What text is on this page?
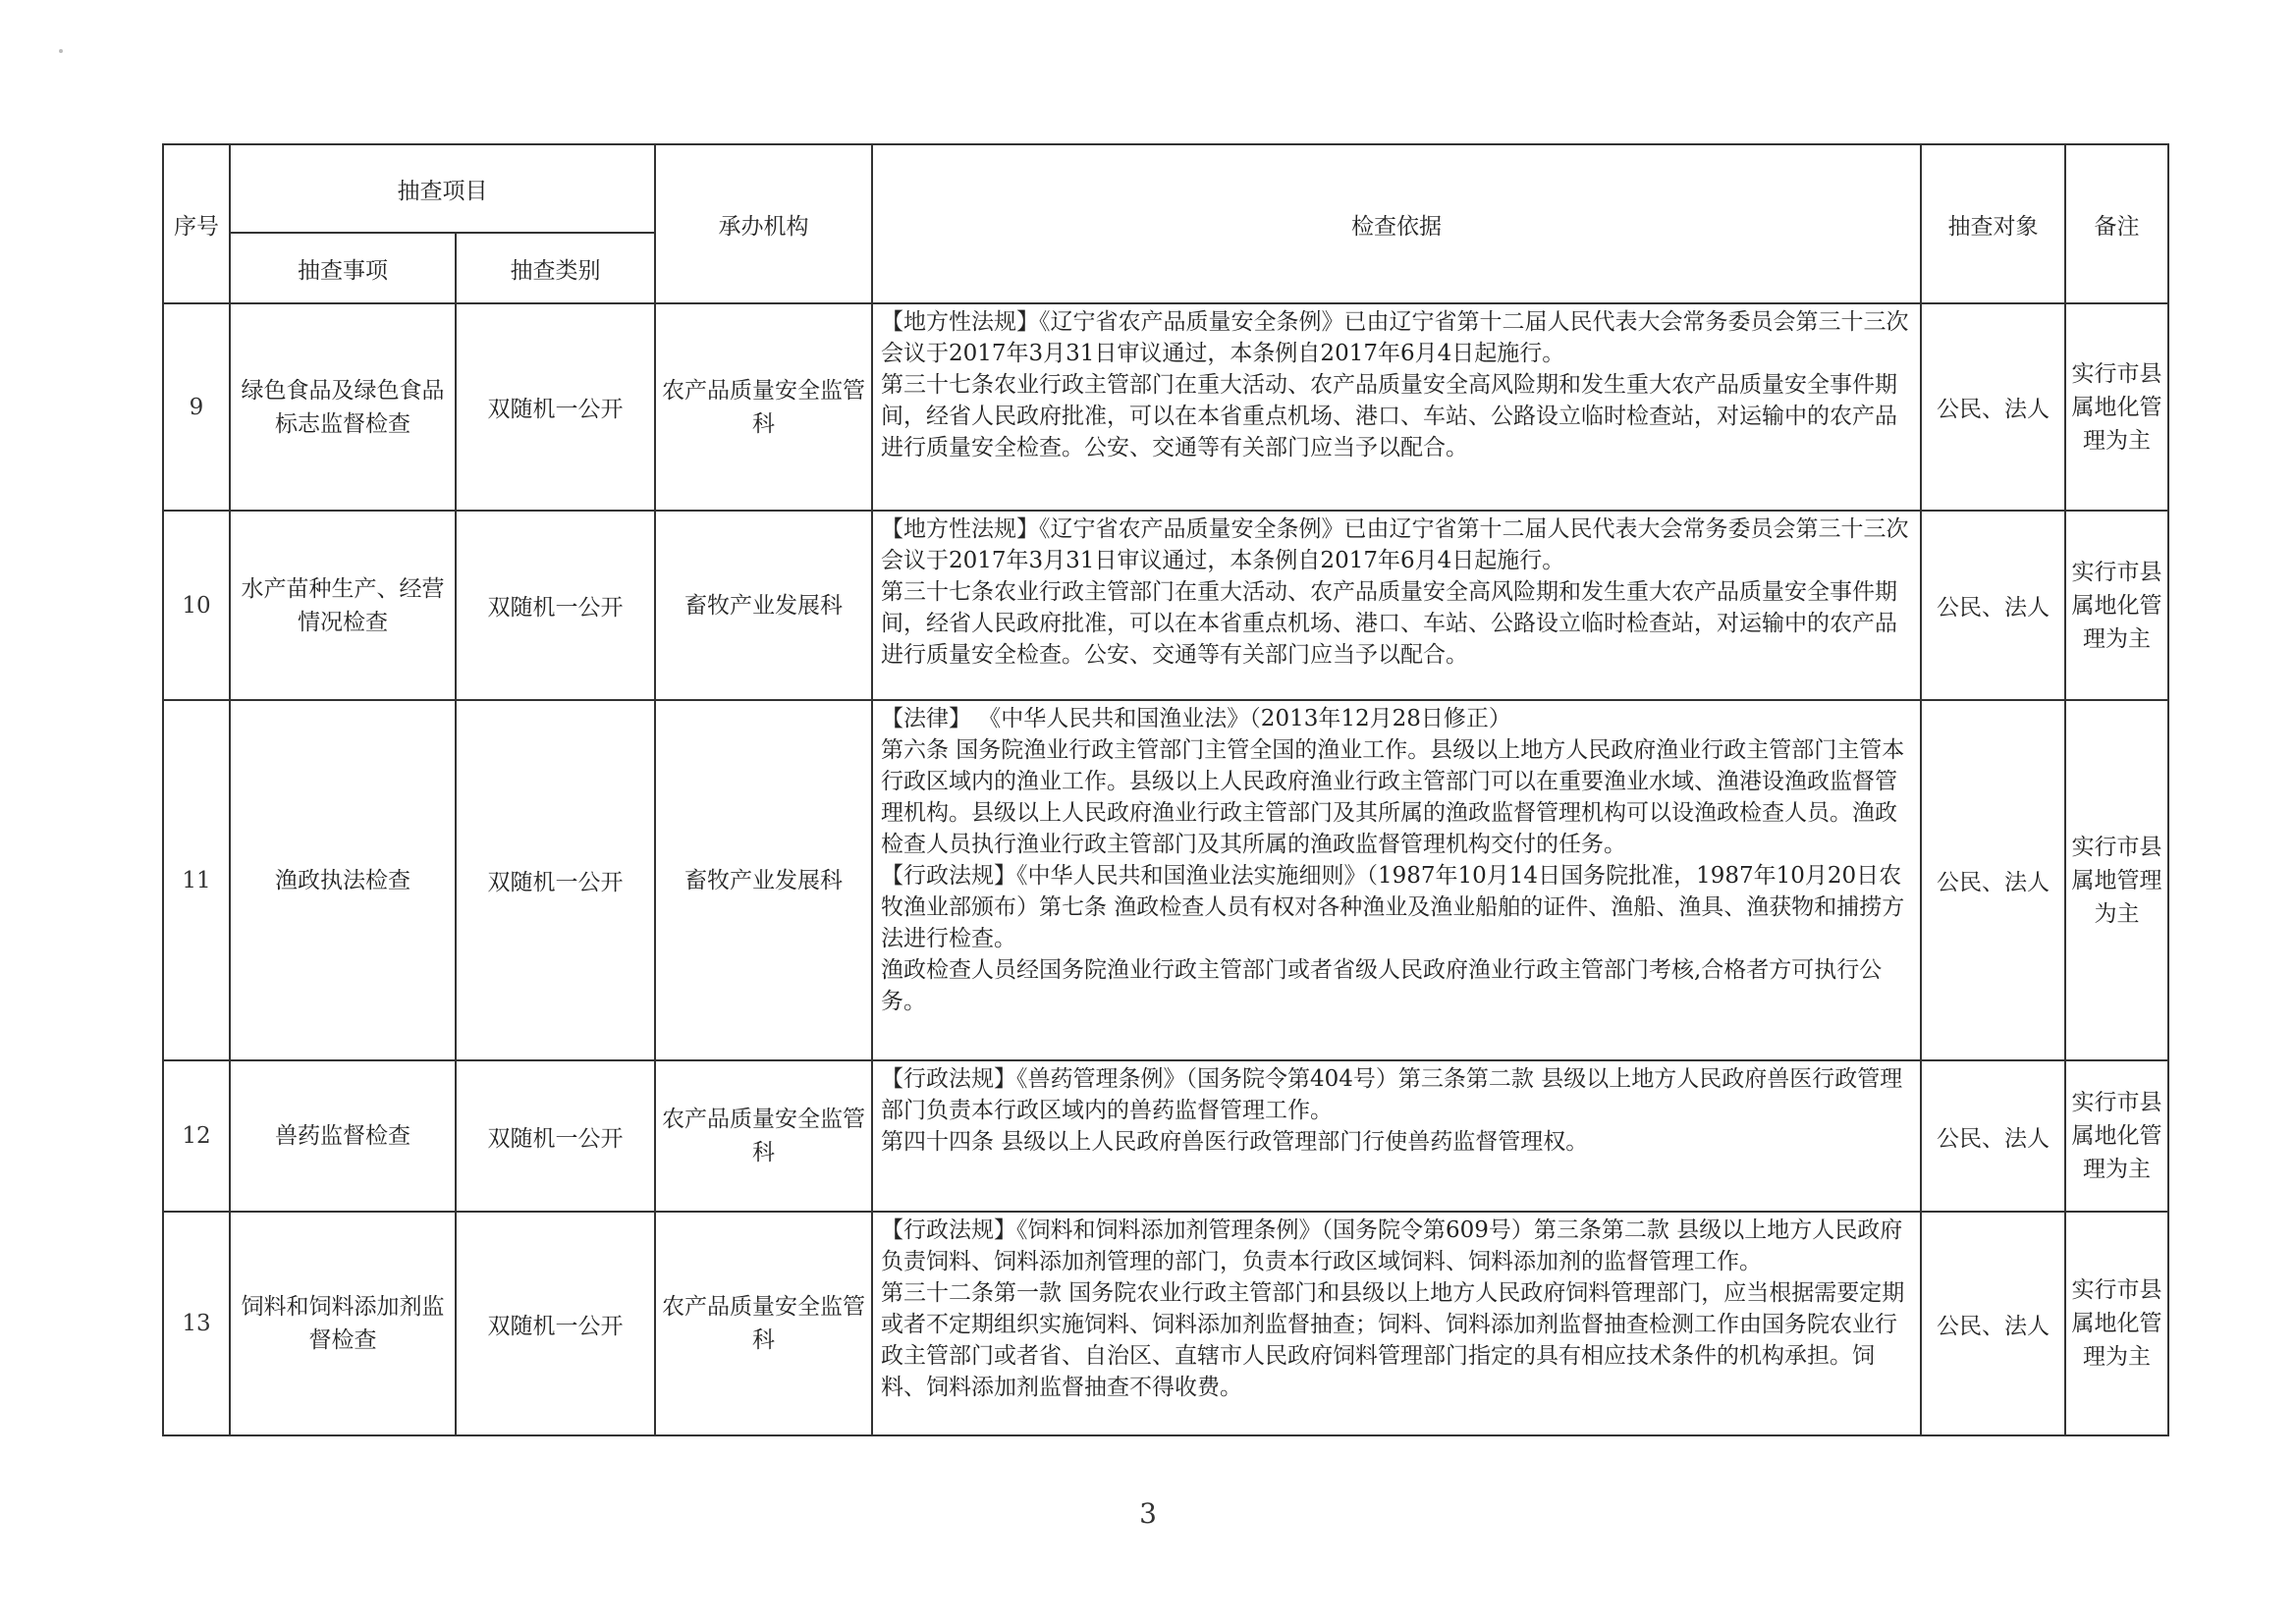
序号	抽查项目		承办机构	检查依据	抽查对象	备注
	抽查事项	抽查类别				
9	绿色食品及绿色食品标志监督检查	双随机一公开	农产品质量安全监管科	【地方性法规】《辽宁省农产品质量安全条例》已由辽宁省第十二届人民代表大会常务委员会第三十三次会议于2017年3月31日审议通过，本条例自2017年6月4日起施行。
第三十七条农业行政主管部门在重大活动、农产品质量安全高风险期和发生重大农产品质量安全事件期间，经省人民政府批准，可以在本省重点机场、港口、车站、公路设立临时检查站，对运输中的农产品进行质量安全检查。公安、交通等有关部门应当予以配合。	公民、法人	实行市县属地化管理为主
10	水产苗种生产、经营情况检查	双随机一公开	畜牧产业发展科	【地方性法规】《辽宁省农产品质量安全条例》已由辽宁省第十二届人民代表大会常务委员会第三十三次会议于2017年3月31日审议通过，本条例自2017年6月4日起施行。
第三十七条农业行政主管部门在重大活动、农产品质量安全高风险期和发生重大农产品质量安全事件期间，经省人民政府批准，可以在本省重点机场、港口、车站、公路设立临时检查站，对运输中的农产品进行质量安全检查。公安、交通等有关部门应当予以配合。	公民、法人	实行市县属地化管理为主
11	渔政执法检查	双随机一公开	畜牧产业发展科	【法律】 《中华人民共和国渔业法》（2013年12月28日修正）
第六条 国务院渔业行政主管部门主管全国的渔业工作。县级以上地方人民政府渔业行政主管部门主管本行政区域内的渔业工作。县级以上人民政府渔业行政主管部门可以在重要渔业水域、渔港设渔政监督管理机构。县级以上人民政府渔业行政主管部门及其所属的渔政监督管理机构可以设渔政检查人员。渔政检查人员执行渔业行政主管部门及其所属的渔政监督管理机构交付的任务。
【行政法规】《中华人民共和国渔业法实施细则》（1987年10月14日国务院批准，1987年10月20日农牧渔业部颁布）第七条 渔政检查人员有权对各种渔业及渔业船舶的证件、渔船、渔具、渔获物和捕捞方法进行检查。
渔政检查人员经国务院渔业行政主管部门或者省级人民政府渔业行政主管部门考核,合格者方可执行公务。	公民、法人	实行市县属地管理为主
12	兽药监督检查	双随机一公开	农产品质量安全监管科	【行政法规】《兽药管理条例》（国务院令第404号）第三条第二款 县级以上地方人民政府兽医行政管理部门负责本行政区域内的兽药监督管理工作。
第四十四条 县级以上人民政府兽医行政管理部门行使兽药监督管理权。	公民、法人	实行市县属地化管理为主
13	饲料和饲料添加剂监督检查	双随机一公开	农产品质量安全监管科	【行政法规】《饲料和饲料添加剂管理条例》（国务院令第609号）第三条第二款 县级以上地方人民政府负责饲料、饲料添加剂管理的部门，负责本行政区域饲料、饲料添加剂的监督管理工作。
第三十二条第一款 国务院农业行政主管部门和县级以上地方人民政府饲料管理部门，应当根据需要定期或者不定期组织实施饲料、饲料添加剂监督抽查；饲料、饲料添加剂监督抽查检测工作由国务院农业行政主管部门或者省、自治区、直辖市人民政府饲料管理部门指定的具有相应技术条件的机构承担。饲料、饲料添加剂监督抽查不得收费。	公民、法人	实行市县属地化管理为主
3
